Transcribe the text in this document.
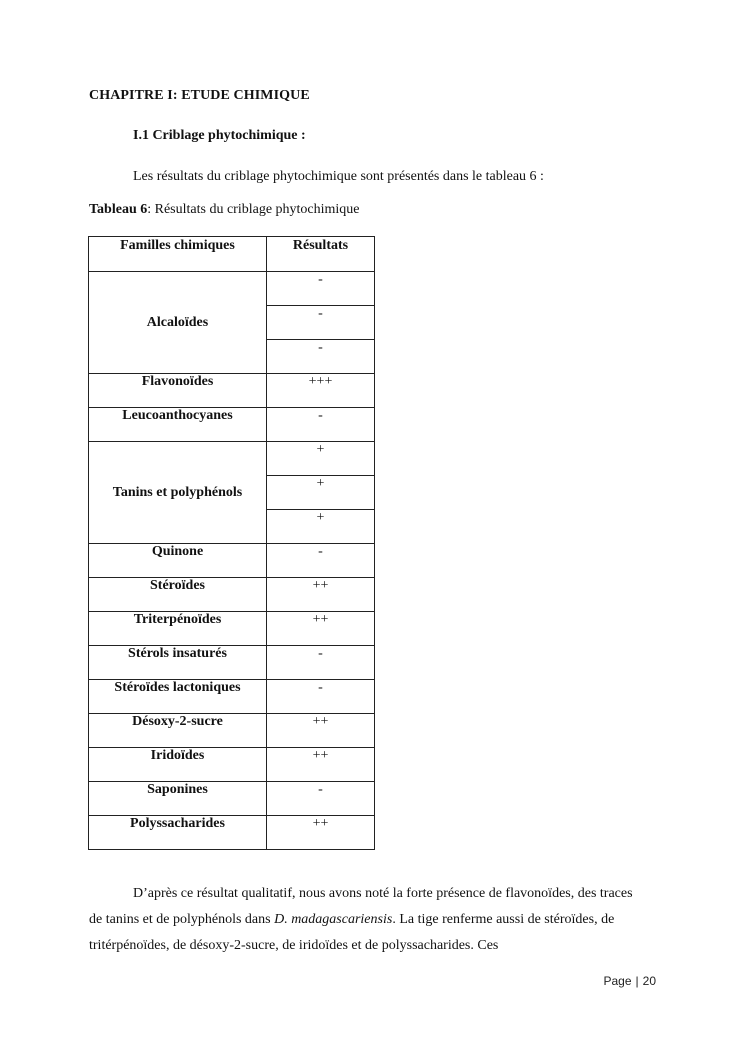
CHAPITRE I: ETUDE CHIMIQUE
I.1 Criblage phytochimique :
Les résultats du criblage phytochimique sont présentés dans le tableau 6 :
Tableau 6: Résultats du criblage phytochimique
Familles chimiques	Résultats
Alcaloïdes	-
	-
	-
Flavonoïdes	+++
Leucoanthocyanes	-
Tanins et polyphénols	+
	+
	+
Quinone	-
Stéroïdes	++
Triterpénoïdes	++
Stérols insaturés	-
Stéroïdes lactoniques	-
Désoxy-2-sucre	++
Iridoïdes	++
Saponines	-
Polyssacharides	++
D’après ce résultat qualitatif, nous avons noté la forte présence de flavonoïdes, des traces de tanins et de polyphénols dans D. madagascariensis. La tige renferme aussi de stéroïdes, de tritérpénoïdes, de désoxy-2-sucre, de iridoïdes et de polyssacharides. Ces
Page | 20
